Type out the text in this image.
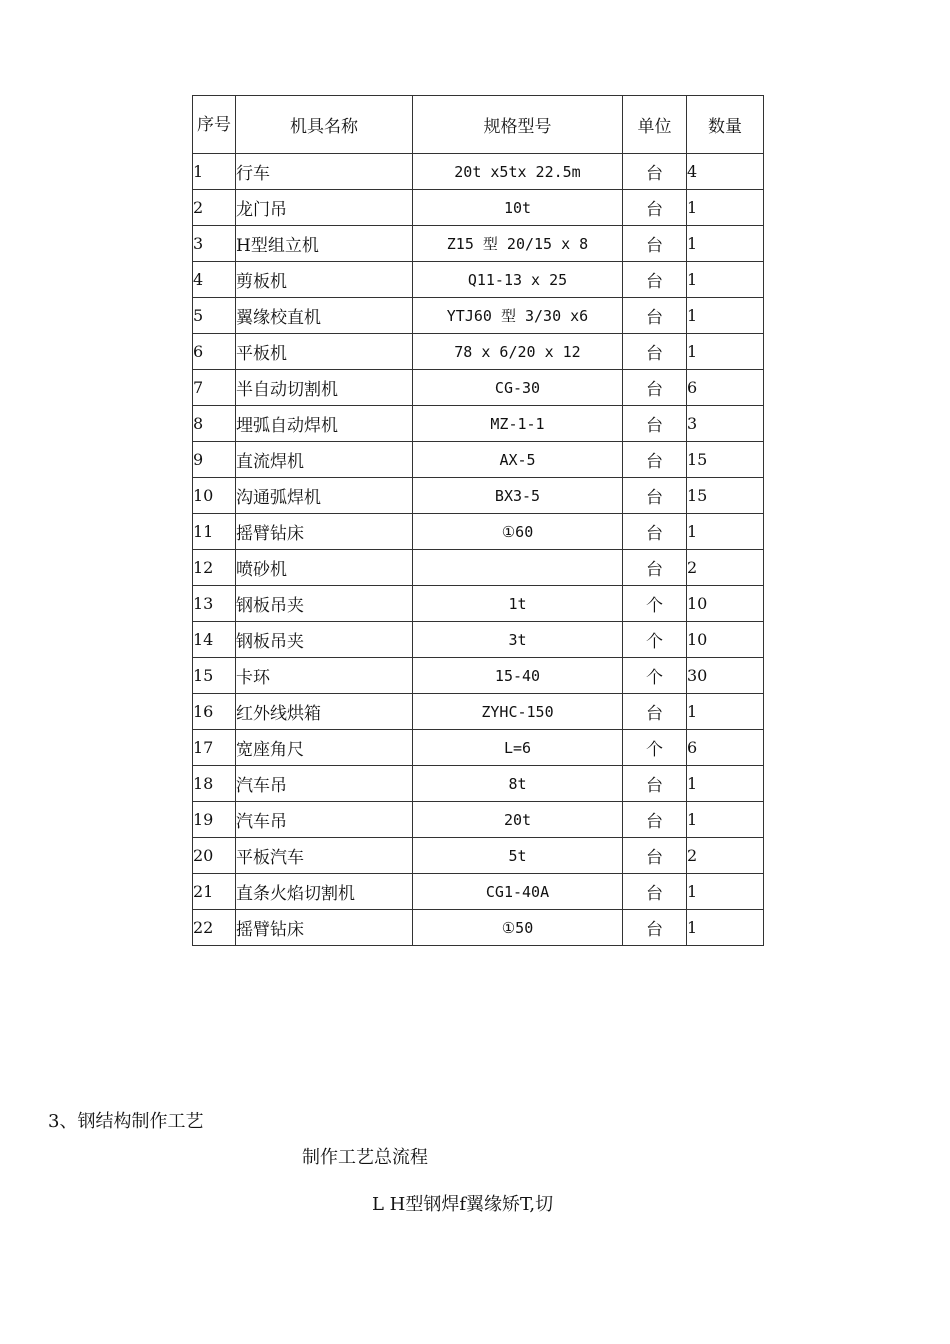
序号	机具名称	规格型号	单位	数量
1	行车	20t x5tx 22.5m	台	4
2	龙门吊	10t	台	1
3	H型组立机	Z15 型 20/15 x 8	台	1
4	剪板机	Q11-13 x 25	台	1
5	翼缘校直机	YTJ60 型 3/30 x6	台	1
6	平板机	78 x 6/20 x 12	台	1
7	半自动切割机	CG-30	台	6
8	埋弧自动焊机	MZ-1-1	台	3
9	直流焊机	AX-5	台	15
10	沟通弧焊机	BX3-5	台	15
11	摇臂钻床	①60	台	1
12	喷砂机		台	2
13	钢板吊夹	1t	个	10
14	钢板吊夹	3t	个	10
15	卡环	15-40	个	30
16	红外线烘箱	ZYHC-150	台	1
17	宽座角尺	L=6	个	6
18	汽车吊	8t	台	1
19	汽车吊	20t	台	1
20	平板汽车	5t	台	2
21	直条火焰切割机	CG1-40A	台	1
22	摇臂钻床	①50	台	1
3、钢结构制作工艺
制作工艺总流程
L H型钢焊f翼缘矫T,切
